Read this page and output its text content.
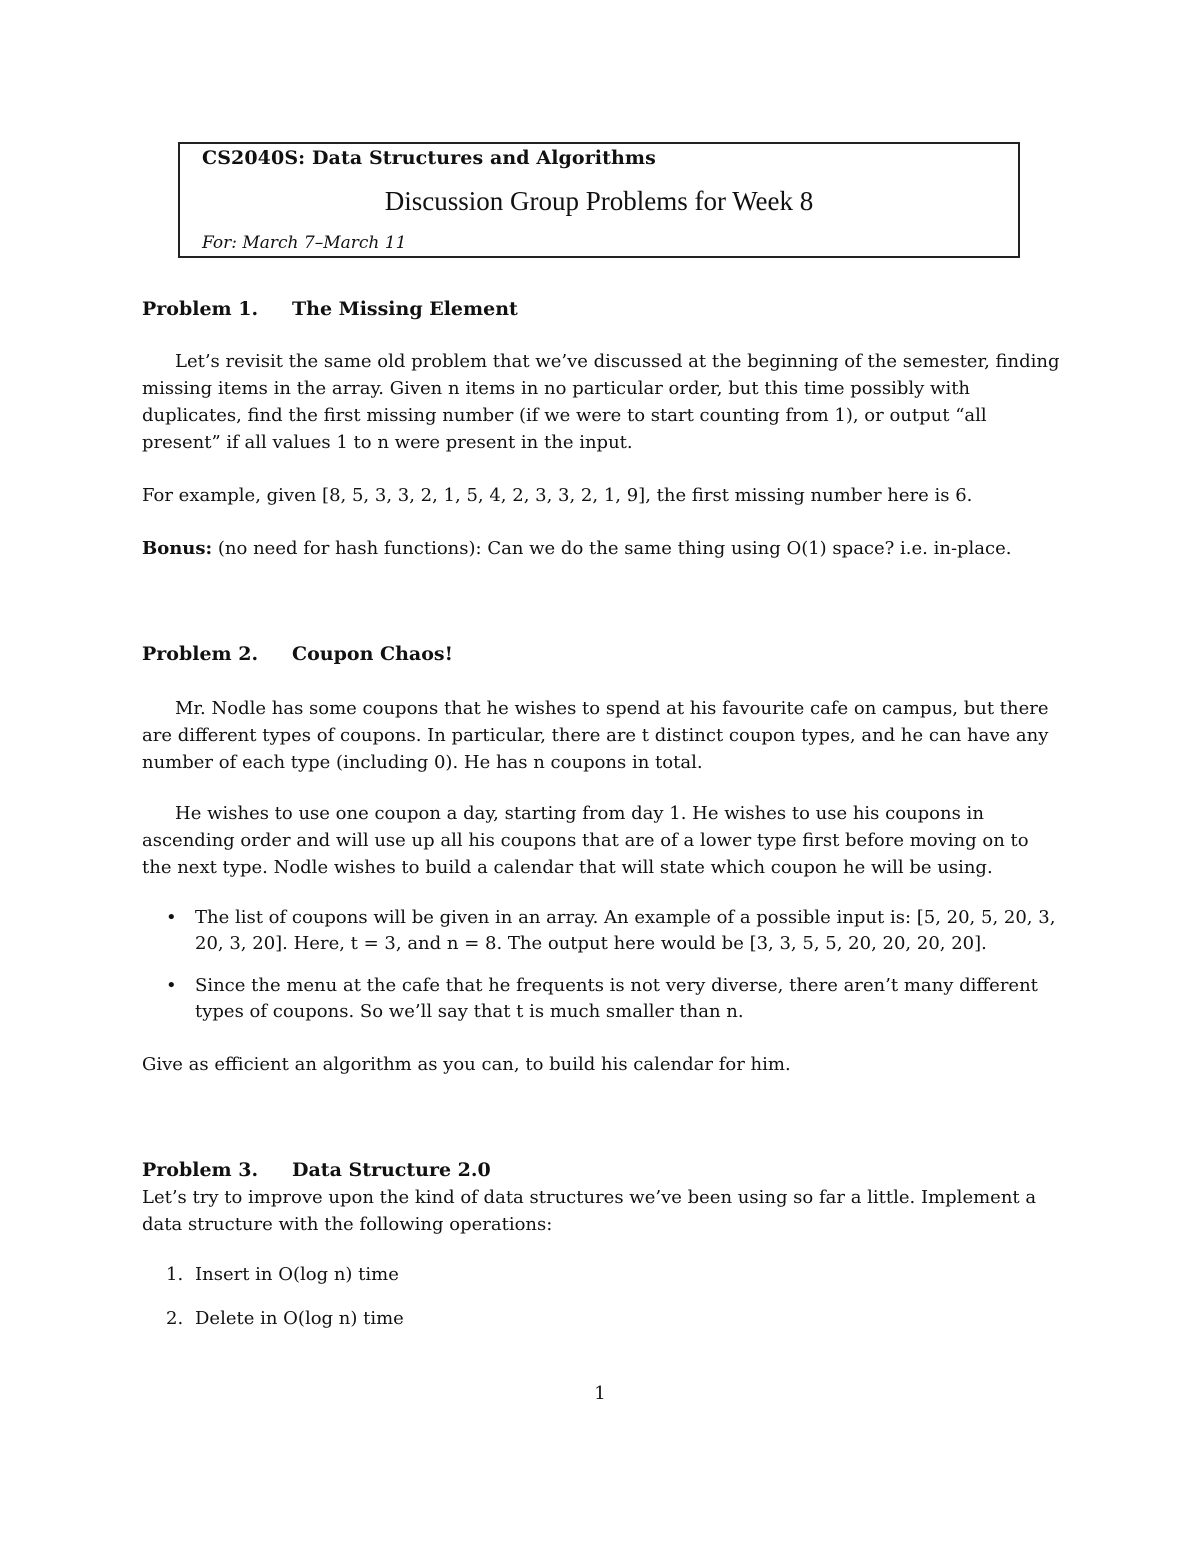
CS2040S: Data Structures and Algorithms
Discussion Group Problems for Week 8
For: March 7–March 11
Problem 1. The Missing Element
Let’s revisit the same old problem that we’ve discussed at the beginning of the semester, finding missing items in the array. Given n items in no particular order, but this time possibly with duplicates, find the first missing number (if we were to start counting from 1), or output “all present” if all values 1 to n were present in the input.
For example, given [8, 5, 3, 3, 2, 1, 5, 4, 2, 3, 3, 2, 1, 9], the first missing number here is 6.
Bonus: (no need for hash functions): Can we do the same thing using O(1) space? i.e. in-place.
Problem 2. Coupon Chaos!
Mr. Nodle has some coupons that he wishes to spend at his favourite cafe on campus, but there are different types of coupons. In particular, there are t distinct coupon types, and he can have any number of each type (including 0). He has n coupons in total.
He wishes to use one coupon a day, starting from day 1. He wishes to use his coupons in ascending order and will use up all his coupons that are of a lower type first before moving on to the next type. Nodle wishes to build a calendar that will state which coupon he will be using.
• The list of coupons will be given in an array. An example of a possible input is: [5, 20, 5, 20, 3, 20, 3, 20]. Here, t = 3, and n = 8. The output here would be [3, 3, 5, 5, 20, 20, 20, 20].
• Since the menu at the cafe that he frequents is not very diverse, there aren’t many different types of coupons. So we’ll say that t is much smaller than n.
Give as efficient an algorithm as you can, to build his calendar for him.
Problem 3. Data Structure 2.0
Let’s try to improve upon the kind of data structures we’ve been using so far a little. Implement a data structure with the following operations:
1. Insert in O(log n) time
2. Delete in O(log n) time
1
